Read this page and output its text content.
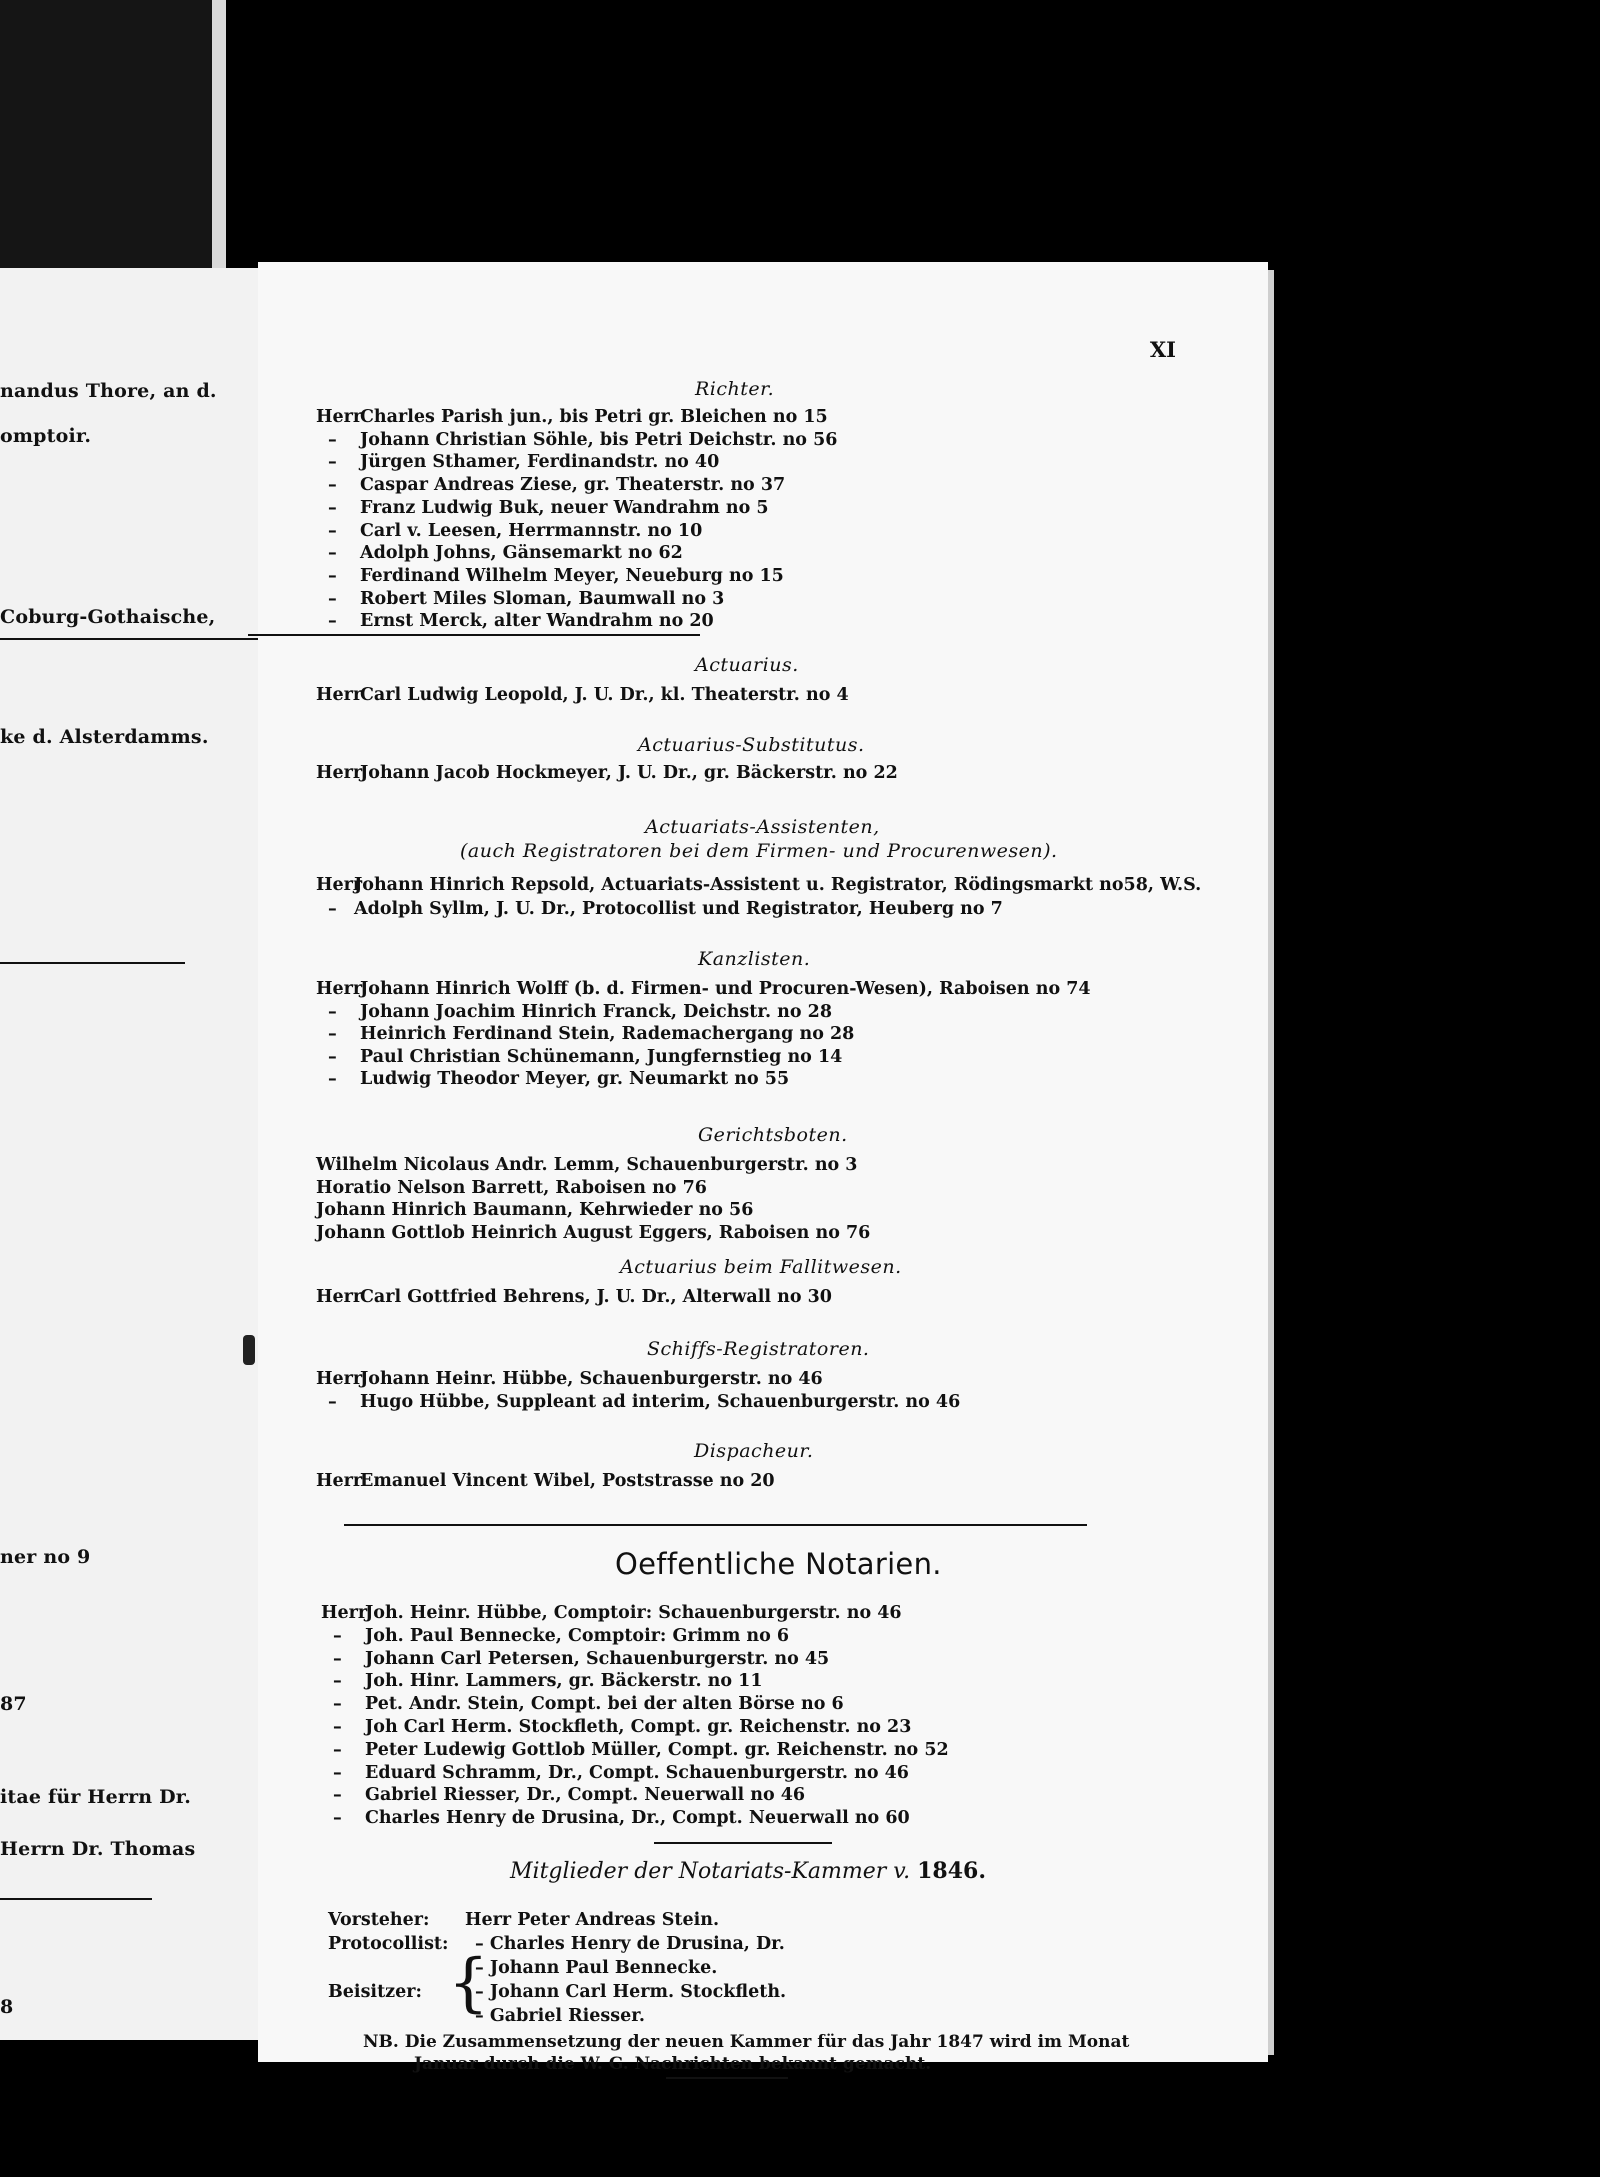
nandus Thore, an d.
omptoir.
Coburg-Gothaische,
ke d. Alsterdamms.
ner no 9
87
itae für Herrn Dr.
Herrn Dr. Thomas
8
XI
Richter.
HerrCharles Parish jun., bis Petri gr. Bleichen no 15
– Johann Christian Söhle, bis Petri Deichstr. no 56
– Jürgen Sthamer, Ferdinandstr. no 40
– Caspar Andreas Ziese, gr. Theaterstr. no 37
– Franz Ludwig Buk, neuer Wandrahm no 5
– Carl v. Leesen, Herrmannstr. no 10
– Adolph Johns, Gänsemarkt no 62
– Ferdinand Wilhelm Meyer, Neueburg no 15
– Robert Miles Sloman, Baumwall no 3
– Ernst Merck, alter Wandrahm no 20
Actuarius.
HerrCarl Ludwig Leopold, J. U. Dr., kl. Theaterstr. no 4
Actuarius-Substitutus.
HerrJohann Jacob Hockmeyer, J. U. Dr., gr. Bäckerstr. no 22
Actuariats-Assistenten,
(auch Registratoren bei dem Firmen- und Procurenwesen).
HerrJohann Hinrich Repsold, Actuariats-Assistent u. Registrator, Rödingsmarkt no58, W.S.
– Adolph Syllm, J. U. Dr., Protocollist und Registrator, Heuberg no 7
Kanzlisten.
HerrJohann Hinrich Wolff (b. d. Firmen- und Procuren-Wesen), Raboisen no 74
– Johann Joachim Hinrich Franck, Deichstr. no 28
– Heinrich Ferdinand Stein, Rademachergang no 28
– Paul Christian Schünemann, Jungfernstieg no 14
– Ludwig Theodor Meyer, gr. Neumarkt no 55
Gerichtsboten.
Wilhelm Nicolaus Andr. Lemm, Schauenburgerstr. no 3
Horatio Nelson Barrett, Raboisen no 76
Johann Hinrich Baumann, Kehrwieder no 56
Johann Gottlob Heinrich August Eggers, Raboisen no 76
Actuarius beim Fallitwesen.
HerrCarl Gottfried Behrens, J. U. Dr., Alterwall no 30
Schiffs-Registratoren.
HerrJohann Heinr. Hübbe, Schauenburgerstr. no 46
– Hugo Hübbe, Suppleant ad interim, Schauenburgerstr. no 46
Dispacheur.
HerrEmanuel Vincent Wibel, Poststrasse no 20
Oeffentliche Notarien.
HerrJoh. Heinr. Hübbe, Comptoir: Schauenburgerstr. no 46
– Joh. Paul Bennecke, Comptoir: Grimm no 6
– Johann Carl Petersen, Schauenburgerstr. no 45
– Joh. Hinr. Lammers, gr. Bäckerstr. no 11
– Pet. Andr. Stein, Compt. bei der alten Börse no 6
– Joh Carl Herm. Stockfleth, Compt. gr. Reichenstr. no 23
– Peter Ludewig Gottlob Müller, Compt. gr. Reichenstr. no 52
– Eduard Schramm, Dr., Compt. Schauenburgerstr. no 46
– Gabriel Riesser, Dr., Compt. Neuerwall no 46
– Charles Henry de Drusina, Dr., Compt. Neuerwall no 60
Mitglieder der Notariats-Kammer v. 1846.
Vorsteher: Herr Peter Andreas Stein.
Protocollist: – Charles Henry de Drusina, Dr.
Beisitzer: {
– Johann Paul Bennecke.
– Johann Carl Herm. Stockfleth.
– Gabriel Riesser.
NB. Die Zusammensetzung der neuen Kammer für das Jahr 1847 wird im Monat
Januar durch die W. G. Nachrichten bekannt gemacht.
